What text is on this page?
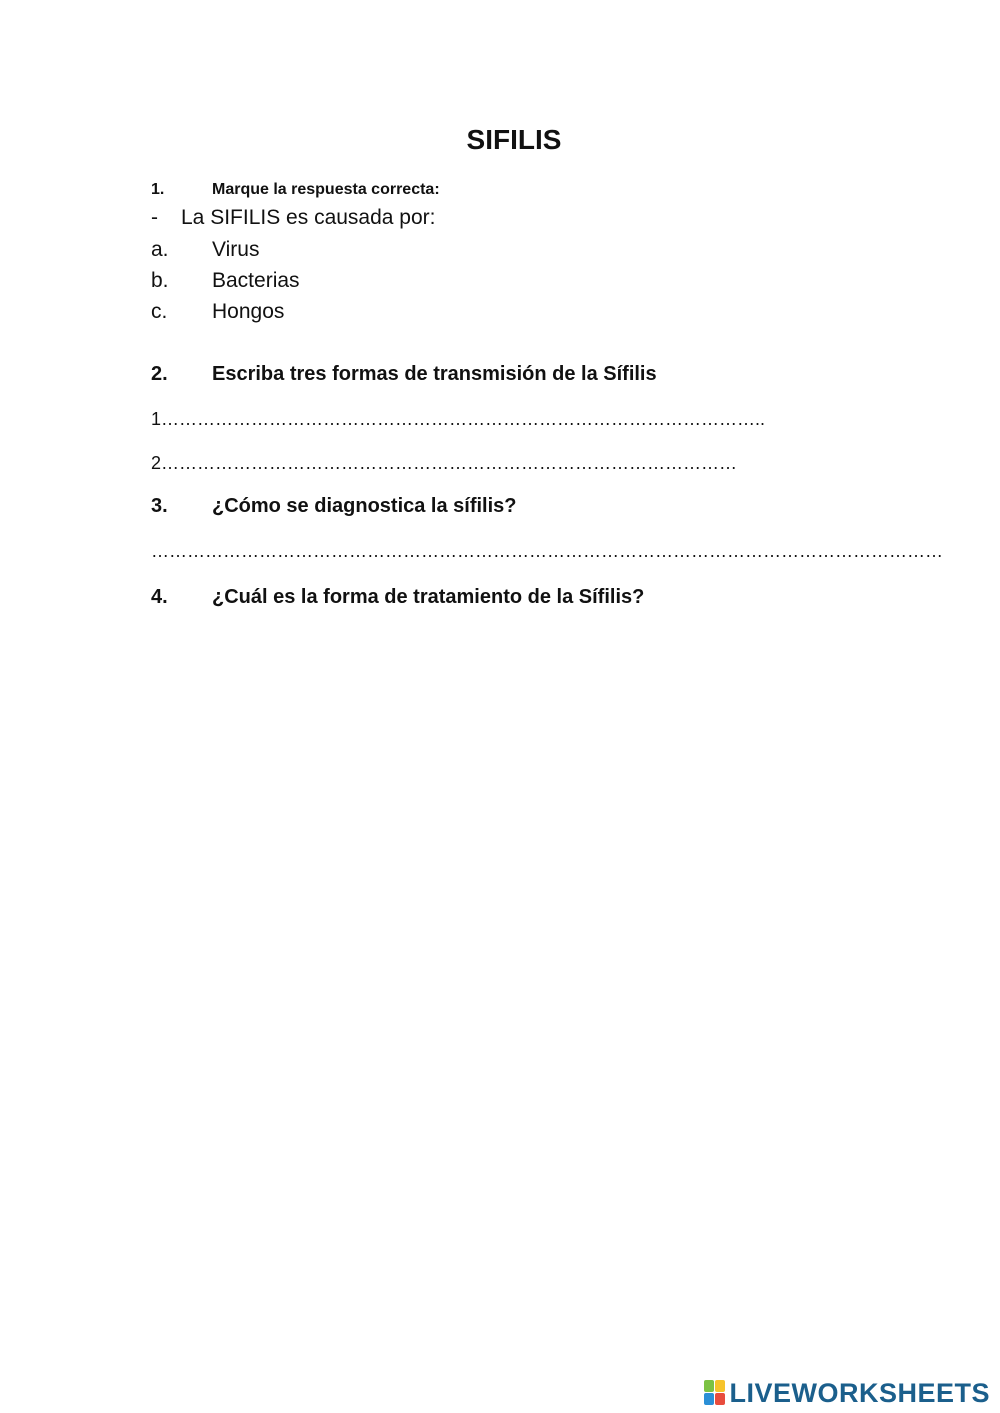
SIFILIS
1.	Marque la respuesta correcta:
- La SIFILIS es causada por:
a. Virus
b. Bacterias
c. Hongos
2. Escriba tres formas de transmisión de la Sífilis
1………………………………………………………………………………………..
2……………………………………………………………………………………
3. ¿Cómo se diagnostica la sífilis?
……………………………………………………………………………………………………………………
4. ¿Cuál es la forma de tratamiento de la Sífilis?
LIVEWORKSHEETS
